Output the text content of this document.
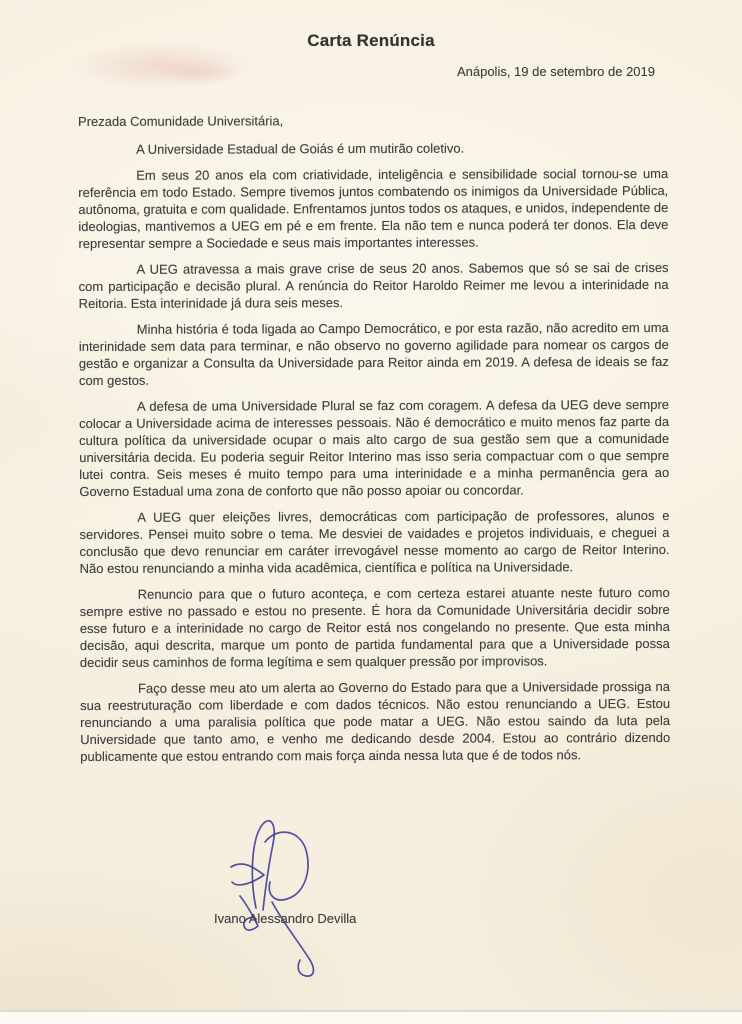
Carta Renúncia
Anápolis, 19 de setembro de 2019

Prezada Comunidade Universitária,

A Universidade Estadual de Goiás é um mutirão coletivo.

Em seus 20 anos ela com criatividade, inteligência e sensibilidade social tornou-se uma referência em todo Estado. Sempre tivemos juntos combatendo os inimigos da Universidade Pública, autônoma, gratuita e com qualidade. Enfrentamos juntos todos os ataques, e unidos, independente de ideologias, mantivemos a UEG em pé e em frente. Ela não tem e nunca poderá ter donos. Ela deve representar sempre a Sociedade e seus mais importantes interesses.

A UEG atravessa a mais grave crise de seus 20 anos. Sabemos que só se sai de crises com participação e decisão plural. A renúncia do Reitor Haroldo Reimer me levou a interinidade na Reitoria. Esta interinidade já dura seis meses.

Minha história é toda ligada ao Campo Democrático, e por esta razão, não acredito em uma interinidade sem data para terminar, e não observo no governo agilidade para nomear os cargos de gestão e organizar a Consulta da Universidade para Reitor ainda em 2019. A defesa de ideais se faz com gestos.

A defesa de uma Universidade Plural se faz com coragem. A defesa da UEG deve sempre colocar a Universidade acima de interesses pessoais. Não é democrático e muito menos faz parte da cultura política da universidade ocupar o mais alto cargo de sua gestão sem que a comunidade universitária decida. Eu poderia seguir Reitor Interino mas isso seria compactuar com o que sempre lutei contra. Seis meses é muito tempo para uma interinidade e a minha permanência gera ao Governo Estadual uma zona de conforto que não posso apoiar ou concordar.

A UEG quer eleições livres, democráticas com participação de professores, alunos e servidores. Pensei muito sobre o tema. Me desviei de vaidades e projetos individuais, e cheguei a conclusão que devo renunciar em caráter irrevogável nesse momento ao cargo de Reitor Interino. Não estou renunciando a minha vida acadêmica, científica e política na Universidade.

Renuncio para que o futuro aconteça, e com certeza estarei atuante neste futuro como sempre estive no passado e estou no presente. É hora da Comunidade Universitária decidir sobre esse futuro e a interinidade no cargo de Reitor está nos congelando no presente. Que esta minha decisão, aqui descrita, marque um ponto de partida fundamental para que a Universidade possa decidir seus caminhos de forma legítima e sem qualquer pressão por improvisos.

Faço desse meu ato um alerta ao Governo do Estado para que a Universidade prossiga na sua reestruturação com liberdade e com dados técnicos. Não estou renunciando a UEG. Estou renunciando a uma paralisia política que pode matar a UEG. Não estou saindo da luta pela Universidade que tanto amo, e venho me dedicando desde 2004. Estou ao contrário dizendo publicamente que estou entrando com mais força ainda nessa luta que é de todos nós.

Ivano Alessandro Devilla
